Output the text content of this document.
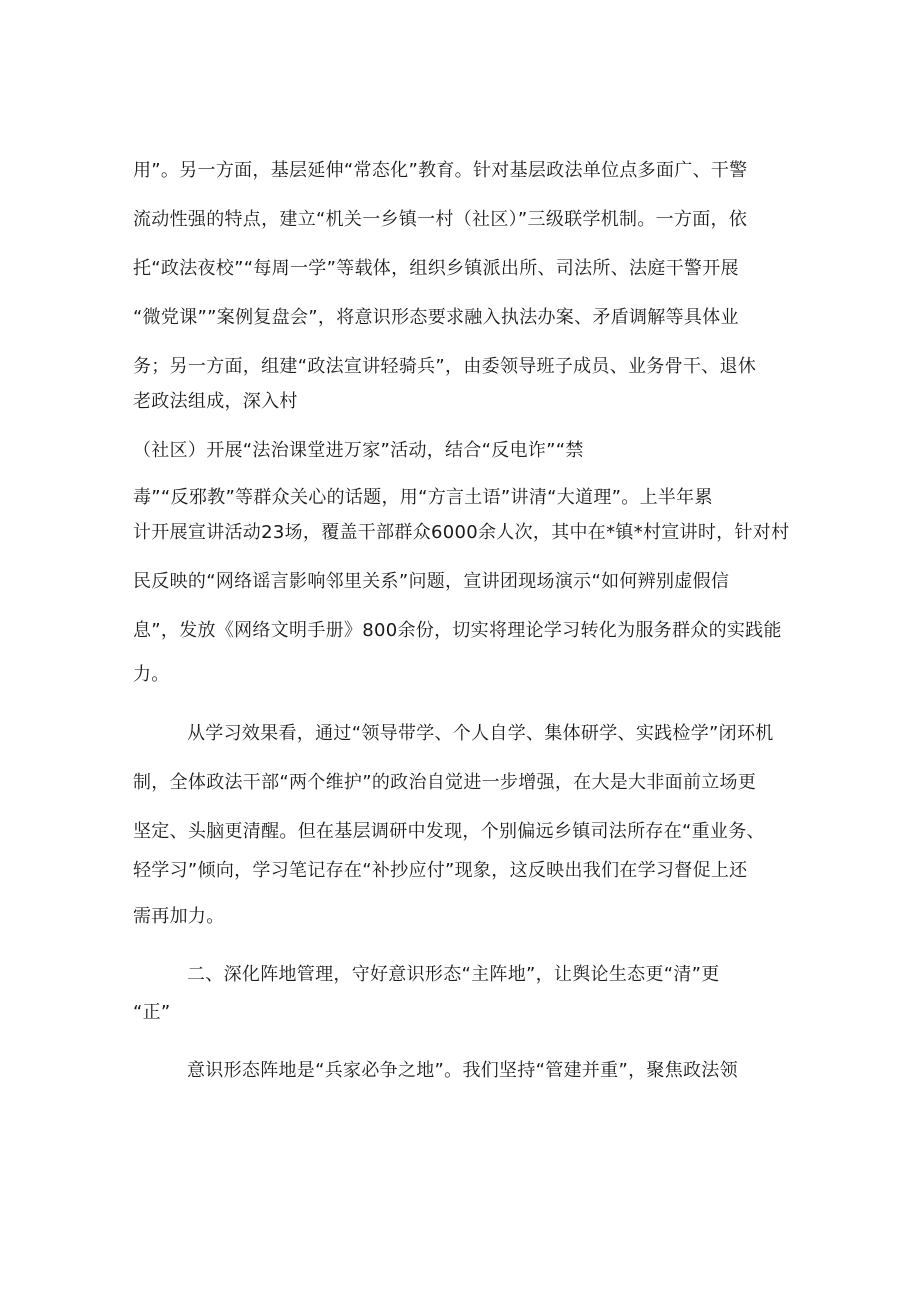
用”。另一方面，基层延伸“常态化”教育。针对基层政法单位点多面广、干警
流动性强的特点，建立“机关一乡镇一村（社区）”三级联学机制。一方面，依
托“政法夜校”“每周一学”等载体，组织乡镇派出所、司法所、法庭干警开展
“微党课””案例复盘会”，将意识形态要求融入执法办案、矛盾调解等具体业
务；另一方面，组建“政法宣讲轻骑兵”，由委领导班子成员、业务骨干、退休
老政法组成，深入村
（社区）开展“法治课堂进万家”活动，结合“反电诈”“禁
毒”“反邪教”等群众关心的话题，用“方言土语”讲清“大道理”。上半年累
计开展宣讲活动23场，覆盖干部群众6000余人次，其中在*镇*村宣讲时，针对村
民反映的“网络谣言影响邻里关系”问题，宣讲团现场演示“如何辨别虚假信
息”，发放《网络文明手册》800余份，切实将理论学习转化为服务群众的实践能
力。
从学习效果看，通过“领导带学、个人自学、集体研学、实践检学”闭环机
制，全体政法干部“两个维护”的政治自觉进一步增强，在大是大非面前立场更
坚定、头脑更清醒。但在基层调研中发现，个别偏远乡镇司法所存在“重业务、
轻学习”倾向，学习笔记存在“补抄应付”现象，这反映出我们在学习督促上还
需再加力。
二、深化阵地管理，守好意识形态“主阵地”，让舆论生态更“清”更
“正”
意识形态阵地是“兵家必争之地”。我们坚持“管建并重”，聚焦政法领
